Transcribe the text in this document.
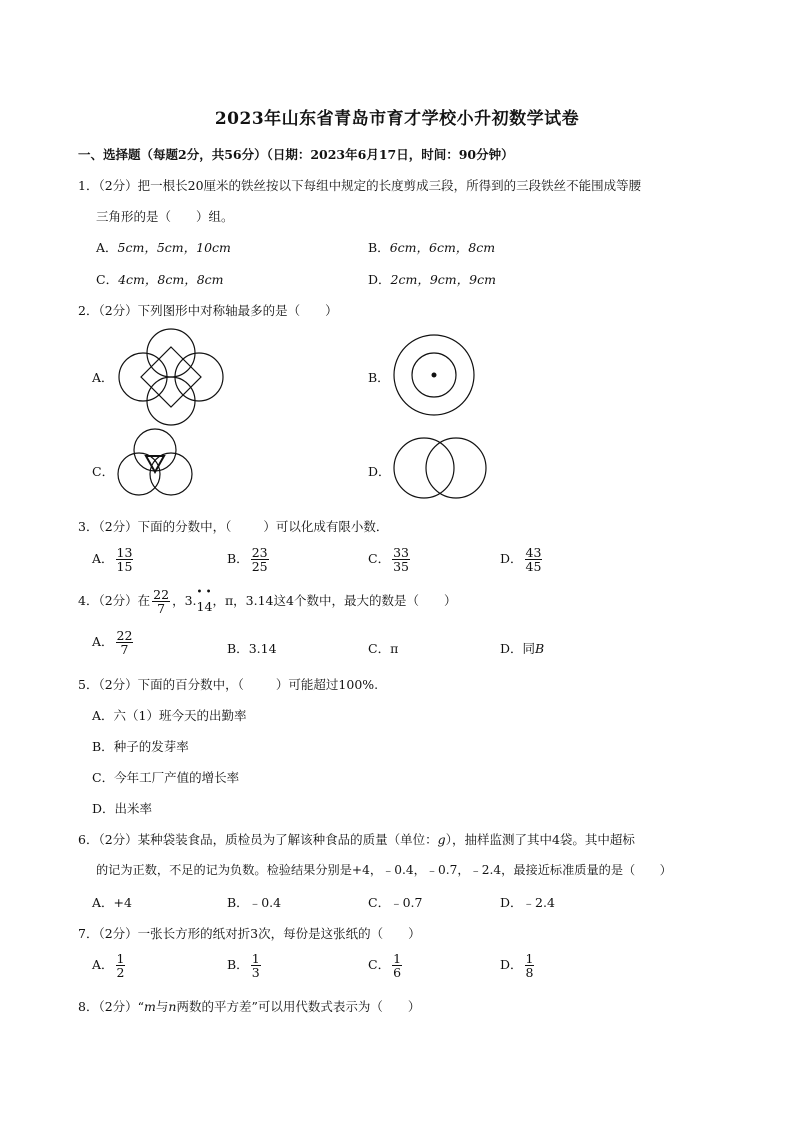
2023年山东省青岛市育才学校小升初数学试卷
一、选择题（每题2分，共56分）（日期：2023年6月17日，时间：90分钟）
1．（2分）把一根长20厘米的铁丝按以下每组中规定的长度剪成三段，所得到的三段铁丝不能围成等腰
三角形的是（　　）组。
A．5cm，5cm，10cm	B．6cm，6cm，8cm
C．4cm，8cm，8cm	D．2cm，9cm，9cm
2．（2分）下列图形中对称轴最多的是（　　）
A．	B．
C．	D．
3．（2分）下面的分数中，（	）可以化成有限小数．
A． $\frac{13}{15}$	B． $\frac{23}{25}$	C． $\frac{33}{35}$	D． $\frac{43}{45}$
4．（2分）在 $\frac{22}{7}$ ，3.
• •
14，π，3.14这4个数中，最大的数是（　　）
A． $\frac{22}{7}$	B．3.14	C．π	D．同B
5．（2分）下面的百分数中，（	）可能超过100%.
A．六（1）班今天的出勤率
B．种子的发芽率
C．今年工厂产值的增长率
D．出米率
6．（2分）某种袋装食品，质检员为了解该种食品的质量（单位：g），抽样监测了其中4袋。其中超标
的记为正数，不足的记为负数。检验结果分别是+4，﹣0.4，﹣0.7，﹣2.4，最接近标准质量的是（　　）
A．+4	B．﹣0.4	C．﹣0.7	D．﹣2.4
7．（2分）一张长方形的纸对折3次，每份是这张纸的（　　）
A． $\frac{1}{2}$	B． $\frac{1}{3}$	C． $\frac{1}{6}$	D． $\frac{1}{8}$
8．（2分）“m与n两数的平方差”可以用代数式表示为（　　）
